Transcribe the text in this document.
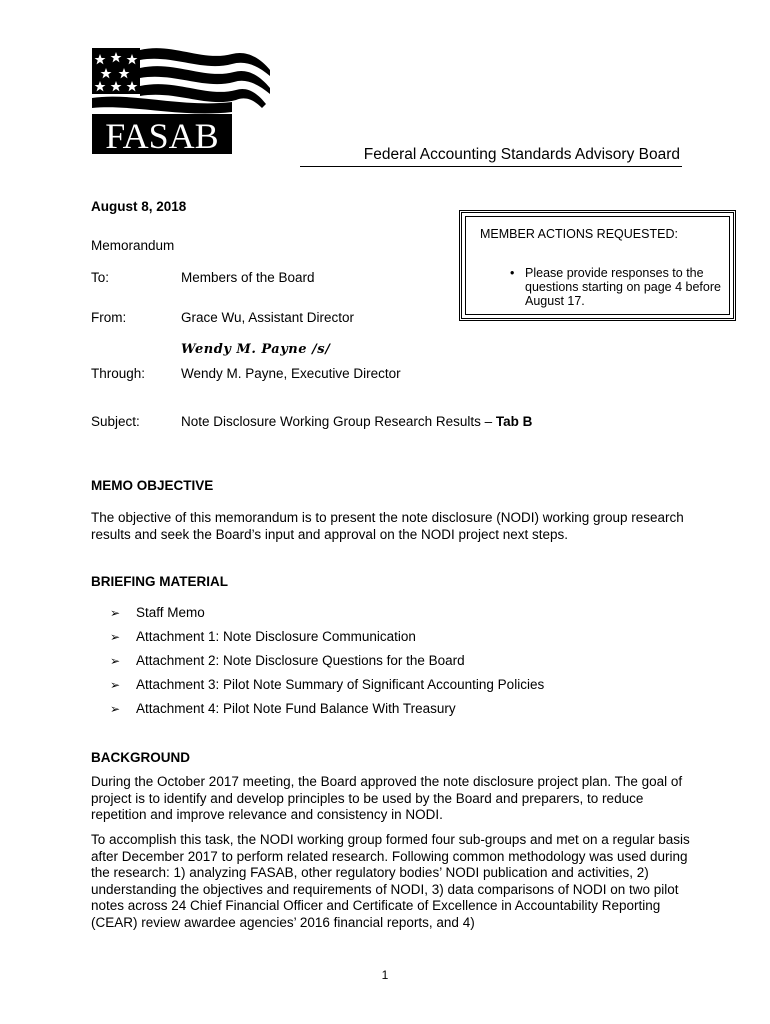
FASAB	Federal Accounting Standards Advisory Board
August 8, 2018
Memorandum
To:	Members of the Board
From:	Grace Wu, Assistant Director
Wendy M. Payne /s/
Through:	Wendy M. Payne, Executive Director
Subject:	Note Disclosure Working Group Research Results – Tab B
MEMBER ACTIONS REQUESTED:
• Please provide responses to the questions starting on page 4 before August 17.
MEMO OBJECTIVE
The objective of this memorandum is to present the note disclosure (NODI) working group research results and seek the Board’s input and approval on the NODI project next steps.
BRIEFING MATERIAL
➢	Staff Memo
➢	Attachment 1: Note Disclosure Communication
➢	Attachment 2: Note Disclosure Questions for the Board
➢	Attachment 3: Pilot Note Summary of Significant Accounting Policies
➢	Attachment 4: Pilot Note Fund Balance With Treasury
BACKGROUND
During the October 2017 meeting, the Board approved the note disclosure project plan. The goal of project is to identify and develop principles to be used by the Board and preparers, to reduce repetition and improve relevance and consistency in NODI.
To accomplish this task, the NODI working group formed four sub-groups and met on a regular basis after December 2017 to perform related research. Following common methodology was used during the research: 1) analyzing FASAB, other regulatory bodies’ NODI publication and activities, 2) understanding the objectives and requirements of NODI, 3) data comparisons of NODI on two pilot notes across 24 Chief Financial Officer and Certificate of Excellence in Accountability Reporting (CEAR) review awardee agencies’ 2016 financial reports, and 4)
1
